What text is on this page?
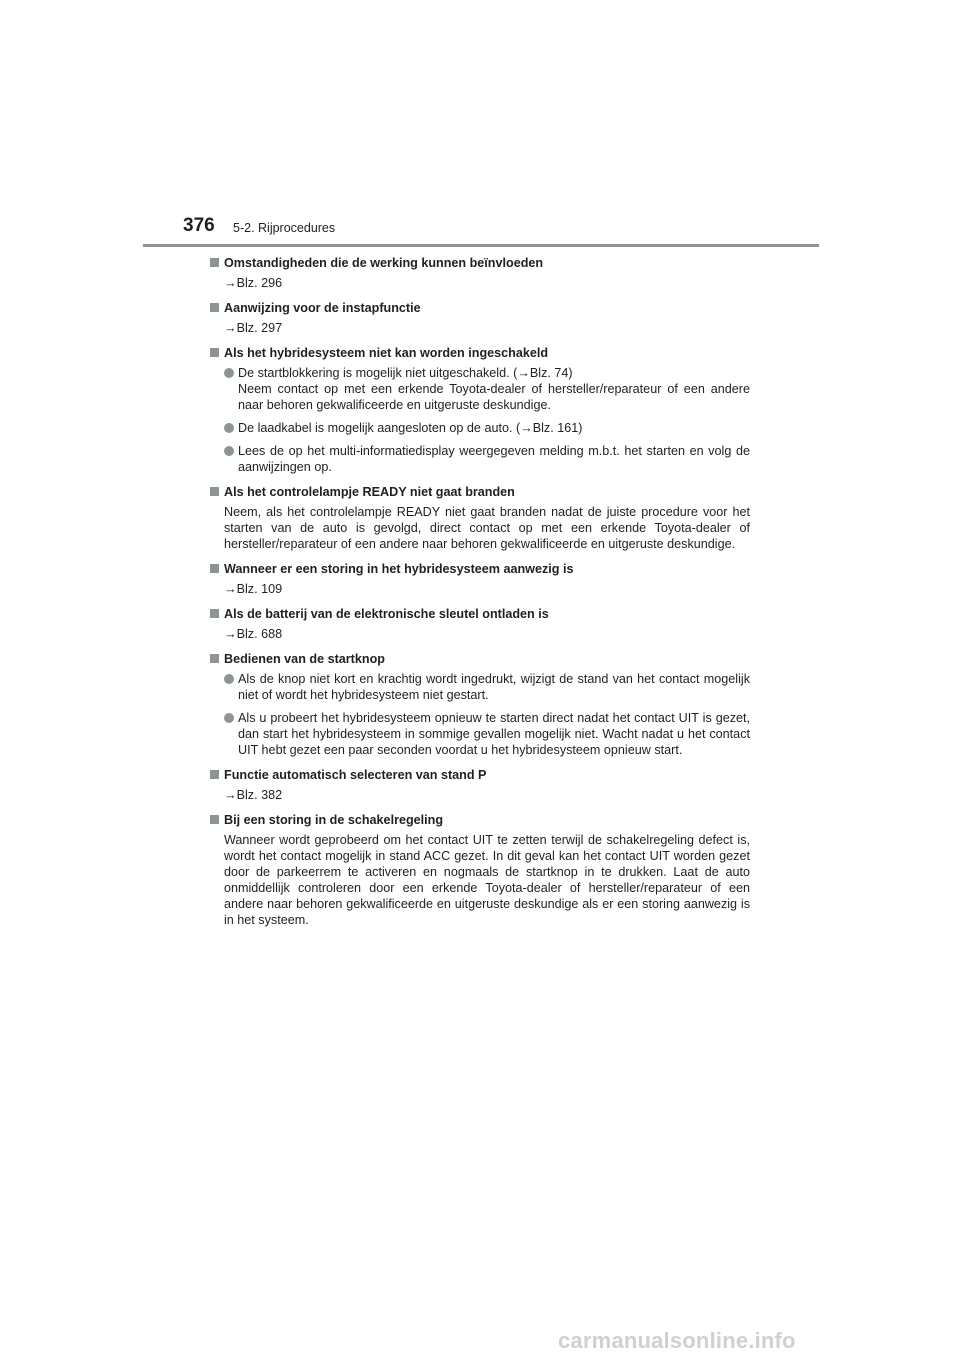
376 5-2. Rijprocedures
Omstandigheden die de werking kunnen beïnvloeden
→Blz. 296
Aanwijzing voor de instapfunctie
→Blz. 297
Als het hybridesysteem niet kan worden ingeschakeld
De startblokkering is mogelijk niet uitgeschakeld. (→Blz. 74)
Neem contact op met een erkende Toyota-dealer of hersteller/reparateur of een andere naar behoren gekwalificeerde en uitgeruste deskundige.
De laadkabel is mogelijk aangesloten op de auto. (→Blz. 161)
Lees de op het multi-informatiedisplay weergegeven melding m.b.t. het starten en volg de aanwijzingen op.
Als het controlelampje READY niet gaat branden
Neem, als het controlelampje READY niet gaat branden nadat de juiste procedure voor het starten van de auto is gevolgd, direct contact op met een erkende Toyota-dealer of hersteller/reparateur of een andere naar behoren gekwalificeerde en uitgeruste deskundige.
Wanneer er een storing in het hybridesysteem aanwezig is
→Blz. 109
Als de batterij van de elektronische sleutel ontladen is
→Blz. 688
Bedienen van de startknop
Als de knop niet kort en krachtig wordt ingedrukt, wijzigt de stand van het contact mogelijk niet of wordt het hybridesysteem niet gestart.
Als u probeert het hybridesysteem opnieuw te starten direct nadat het contact UIT is gezet, dan start het hybridesysteem in sommige gevallen mogelijk niet. Wacht nadat u het contact UIT hebt gezet een paar seconden voordat u het hybridesysteem opnieuw start.
Functie automatisch selecteren van stand P
→Blz. 382
Bij een storing in de schakelregeling
Wanneer wordt geprobeerd om het contact UIT te zetten terwijl de schakelregeling defect is, wordt het contact mogelijk in stand ACC gezet. In dit geval kan het contact UIT worden gezet door de parkeerrem te activeren en nogmaals de startknop in te drukken. Laat de auto onmiddellijk controleren door een erkende Toyota-dealer of hersteller/reparateur of een andere naar behoren gekwalificeerde en uitgeruste deskundige als er een storing aanwezig is in het systeem.
carmanualsonline.info
